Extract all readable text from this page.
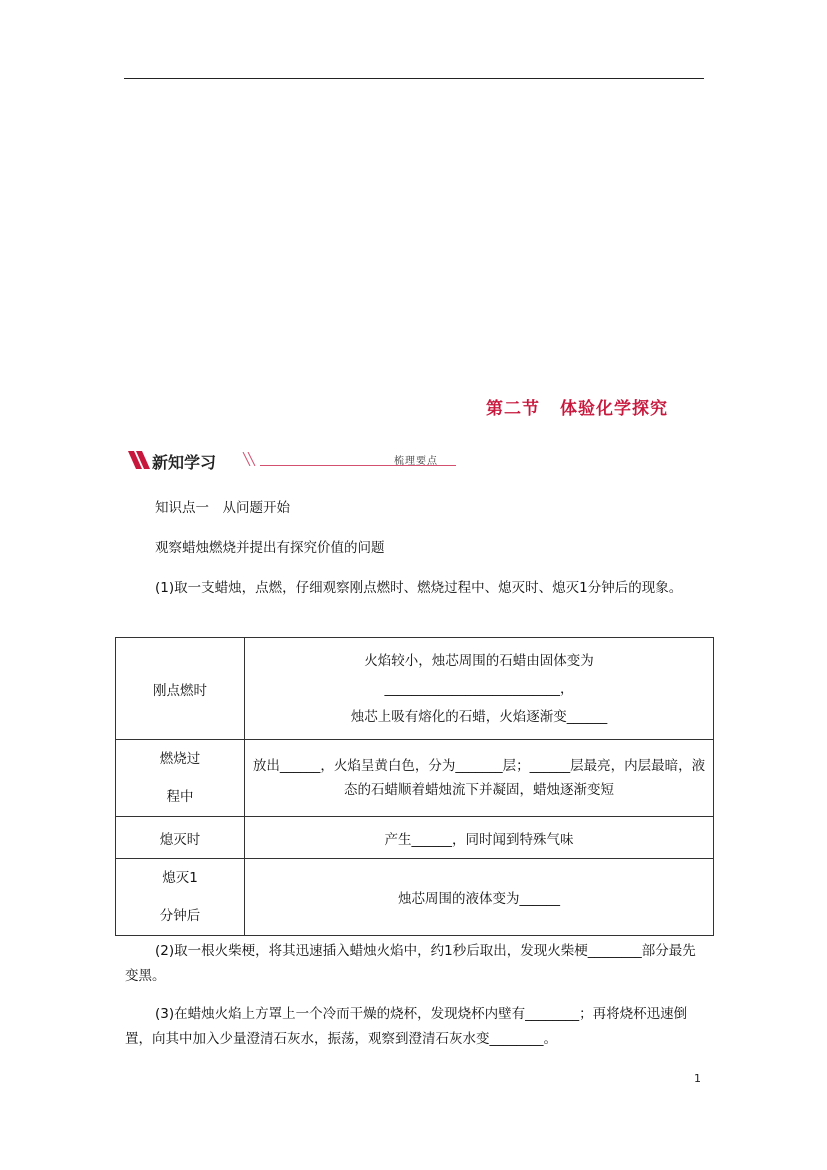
第二节 体验化学探究
新知学习	梳理要点
知识点一　从问题开始
观察蜡烛燃烧并提出有探究价值的问题
(1)取一支蜡烛，点燃，仔细观察刚点燃时、燃烧过程中、熄灭时、熄灭1分钟后的现象。
刚点燃时	火焰较小，烛芯周围的石蜡由固体变为
__________________________，
烛芯上吸有熔化的石蜡，火焰逐渐变______

燃烧过
程中	放出______，火焰呈黄白色，分为_______层；______层最亮，内层最暗，液态的石蜡顺着蜡烛流下并凝固，蜡烛逐渐变短

熄灭时	产生______，同时闻到特殊气味

熄灭1
分钟后	烛芯周围的液体变为______
(2)取一根火柴梗，将其迅速插入蜡烛火焰中，约1秒后取出，发现火柴梗________部分最先变黑。
(3)在蜡烛火焰上方罩上一个冷而干燥的烧杯，发现烧杯内壁有________；再将烧杯迅速倒置，向其中加入少量澄清石灰水，振荡，观察到澄清石灰水变________。
1
